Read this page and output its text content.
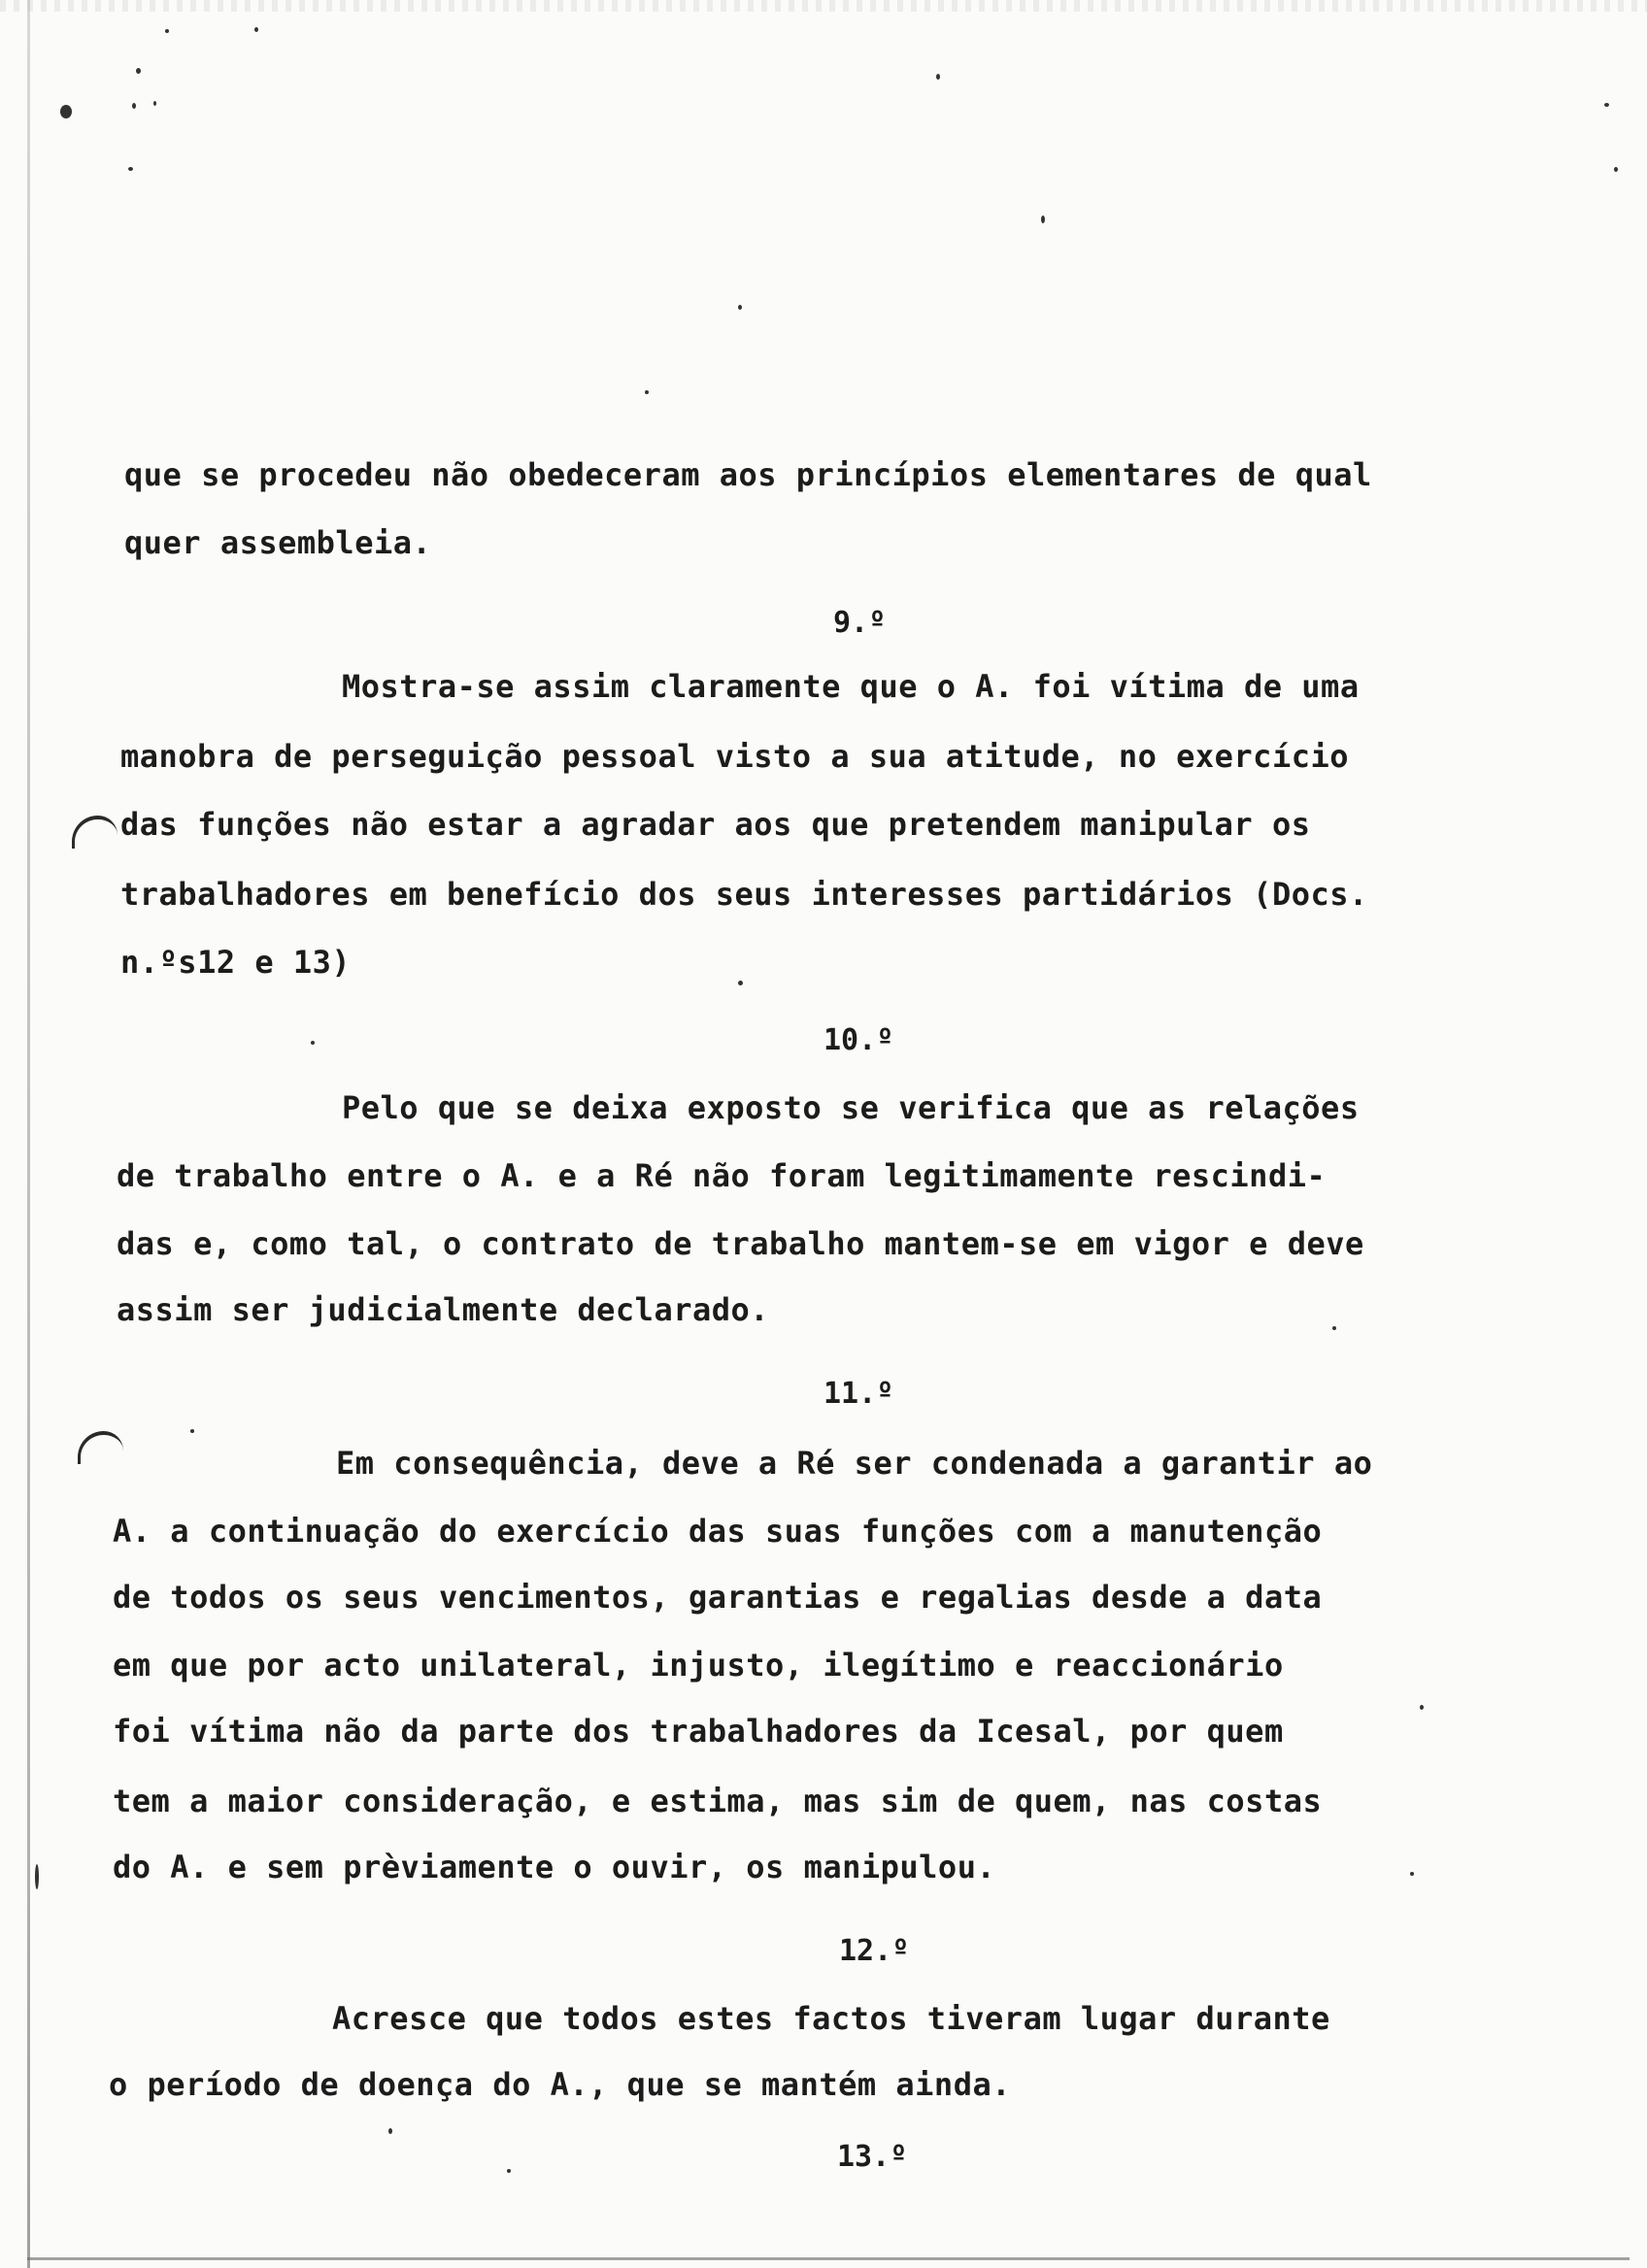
que se procedeu não obedeceram aos princípios elementares de qual
quer assembleia.
9.º
Mostra-se assim claramente que o A. foi vítima de uma
manobra de perseguição pessoal visto a sua atitude, no exercício
das funções não estar a agradar aos que pretendem manipular os
trabalhadores em benefício dos seus interesses partidários (Docs.
n.ºs12 e 13)
10.º
Pelo que se deixa exposto se verifica que as relações
de trabalho entre o A. e a Ré não foram legitimamente rescindi-
das e, como tal, o contrato de trabalho mantem-se em vigor e deve
assim ser judicialmente declarado.
11.º
Em consequência, deve a Ré ser condenada a garantir ao
A. a continuação do exercício das suas funções com a manutenção
de todos os seus vencimentos, garantias e regalias desde a data
em que por acto unilateral, injusto, ilegítimo e reaccionário
foi vítima não da parte dos trabalhadores da Icesal, por quem
tem a maior consideração, e estima, mas sim de quem, nas costas
do A. e sem prèviamente o ouvir, os manipulou.
12.º
Acresce que todos estes factos tiveram lugar durante
o período de doença do A., que se mantém ainda.
13.º
